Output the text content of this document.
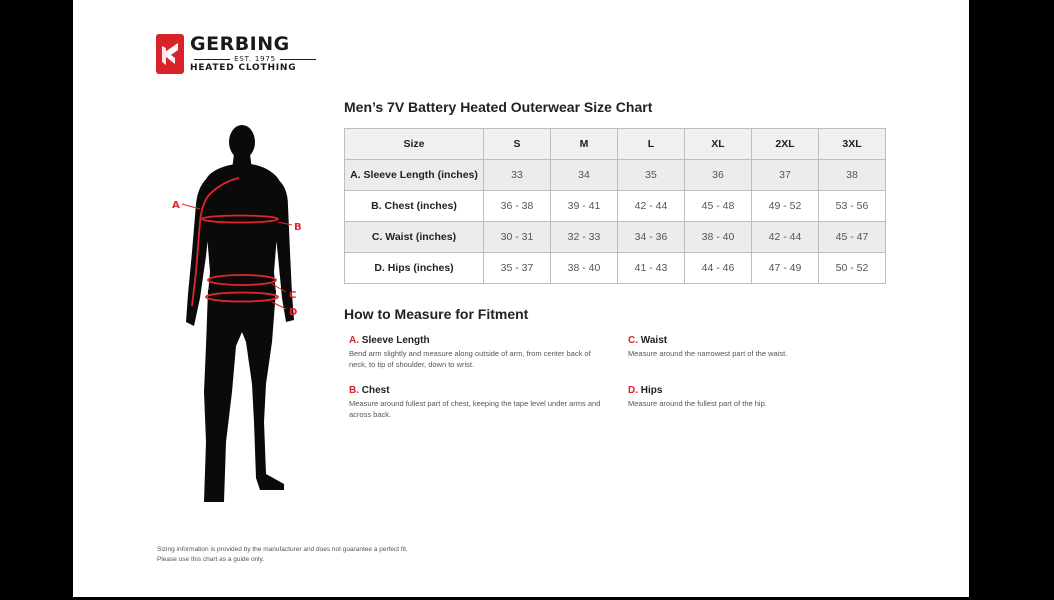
GERBING
EST. 1975
HEATED CLOTHING
A
B
C
D
Men’s 7V Battery Heated Outerwear Size Chart
Size	S	M	L	XL	2XL	3XL
A. Sleeve Length (inches)	33	34	35	36	37	38
B. Chest (inches)	36 - 38	39 - 41	42 - 44	45 - 48	49 - 52	53 - 56
C. Waist (inches)	30 - 31	32 - 33	34 - 36	38 - 40	42 - 44	45 - 47
D. Hips (inches)	35 - 37	38 - 40	41 - 43	44 - 46	47 - 49	50 - 52
How to Measure for Fitment
A. Sleeve Length
Bend arm slightly and measure along outside of arm, from center back of neck, to tip of shoulder, down to wrist.
B. Chest
Measure around fullest part of chest, keeping the tape level under arms and across back.
C. Waist
Measure around the narrowest part of the waist.
D. Hips
Measure around the fullest part of the hip.
Sizing information is provided by the manufacturer and does not guarantee a perfect fit.
Please use this chart as a guide only.
